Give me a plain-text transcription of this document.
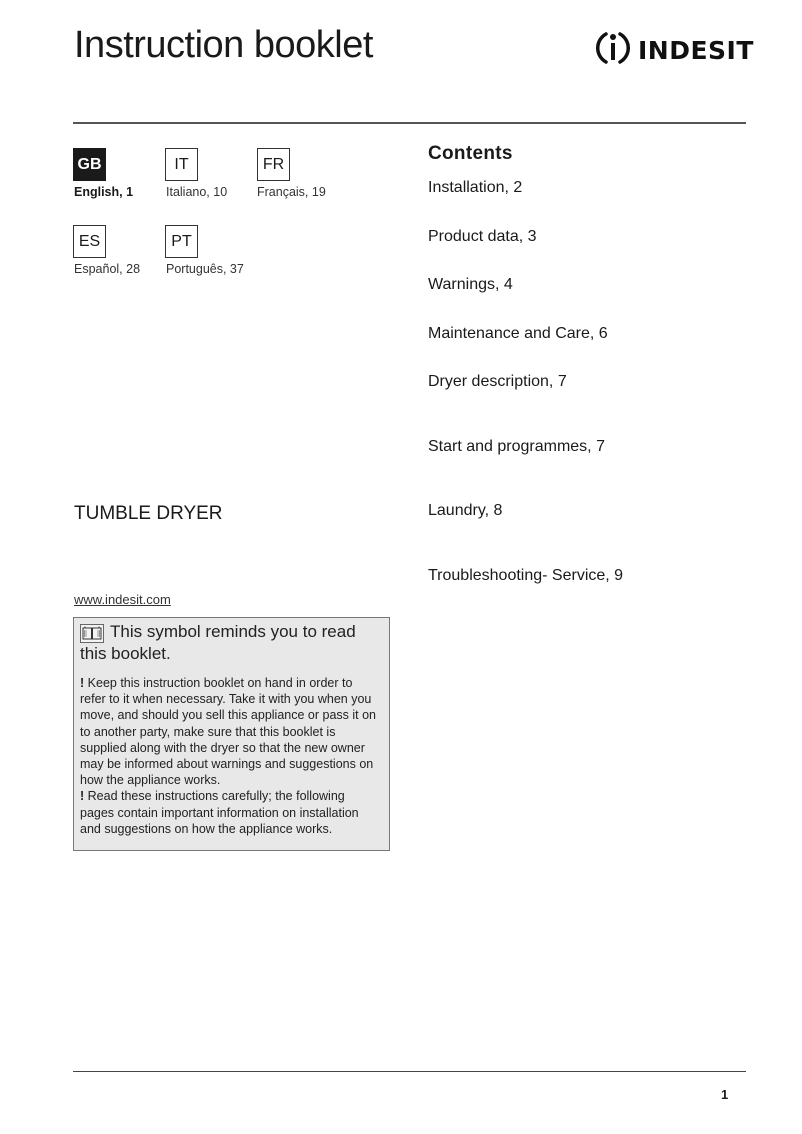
Instruction booklet	INDESIT
GB
English, 1
IT
Italiano, 10
FR
Français, 19
ES
Español, 28
PT
Português, 37
Contents
Installation, 2
Product data, 3
Warnings, 4
Maintenance and Care, 6
Dryer description, 7
Start and programmes, 7
Laundry, 8
Troubleshooting- Service, 9
TUMBLE DRYER
www.indesit.com
This symbol reminds you to read this booklet.

! Keep this instruction booklet on hand in order to refer to it when necessary. Take it with you when you move, and should you sell this appliance or pass it on to another party, make sure that this booklet is supplied along with the dryer so that the new owner may be informed about warnings and suggestions on how the appliance works.

! Read these instructions carefully; the following pages contain important information on installation and suggestions on how the appliance works.

1
